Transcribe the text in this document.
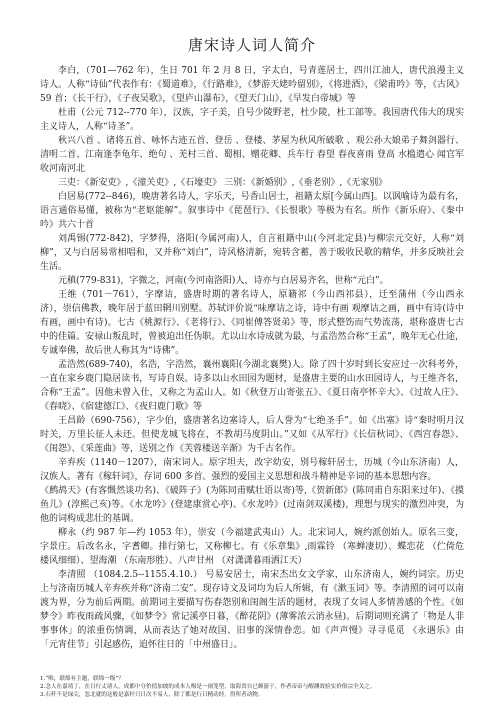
唐宋诗人词人简介

李白，（701—762 年），生日 701 年 2 月 8 日，字太白，号青莲居士，四川江油人，唐代浪漫主义诗人。人称“诗仙”代表作有：《蜀道难》，《行路难》，《梦游天姥吟留别》，《将进酒》，《梁甫吟》等，《古风》59 首；《长干行》，《子夜吴歌》，《望庐山瀑布》，《望天门山》，《早发白帝城》等

杜甫（公元 712--770 年），汉族，字子美，自号少陵野老，杜少陵，杜工部等。我国唐代伟大的现实主义诗人，人称“诗圣”。

秋兴八首 、诸将五首、咏怀古迹五首、登岳 、登楼、茅屋为秋风所破歌 、观公孙大娘弟子舞剑器行、清明二首、江南逢李龟年、绝句 、羌村三首、蜀相、赠花卿、兵车行 春望 春夜喜雨 登高 水槛遣心 闻官军收河南河北

三吏：《新安吏》,《潼关吏》,《石壕吏》 三别：《新婚别》,《垂老别》,《无家别》

白居易(772--846)，晚唐著名诗人，字乐天，号香山居士，祖籍太原[今属山西]。以讽喻诗为最有名，语言通俗易懂，被称为“老妪能解”。叙事诗中《琵琶行》、《长恨歌》等极为有名。所作《新乐府》、《秦中吟》共六十首

刘禹锡(772-842)，字梦得，洛阳(今属河南)人，自言祖籍中山(今河北定县)与柳宗元交好，人称“刘柳”，又与白居易常相唱和，又并称“刘白”，诗风格清新，宛转含蓄，善于吸收民歌的精华，并多反映社会生活。

元稹(779-831)，字微之，河南(今河南洛阳)人，诗亦与白居易齐名，世称“元白”。

王维（701－761），字摩诘，盛唐时期的著名诗人，原籍祁（今山西祁县），迁至蒲州（今山西永济），崇信佛教，晚年居于蓝田辋川别墅。苏轼评价说“味摩诘之诗，诗中有画 观摩诘之画，画中有诗(诗中有画，画中有诗)。七古《桃源行》、《老将行》、《同崔傅答贤弟》等，形式整饬而气势流荡，堪称盛唐七古中的佳篇。安禄山叛乱时，曾被迫出任伪职。尤以山水诗成就为最，与孟浩然合称“王孟”，晚年无心仕途，专诚奉佛，故后世人称其为“诗佛”。

孟浩然(689-740)，名浩，字浩然，襄州襄阳(今湖北襄樊)人。除了四十岁时到长安应过一次科考外，一直在家乡鹿门隐居读书，写诗自娱。诗多以山水田园为题材，是盛唐主要的山水田园诗人，与王维齐名，合称“王孟”。因他未曾入仕，又称之为孟山人。如《秋登万山寄张五》、《夏日南亭怀辛大》、《过故人庄》、《春晓》、《宿建德江》、《夜归鹿门歌》等

王昌龄（690-756），字少伯，盛唐著名边塞诗人，后人誉为“七绝圣手”。如《出塞》诗“秦时明月汉时关，万里长征人未还。但使龙城飞将在，不教胡马度阴山。”又如《从军行》《长信秋词》、《西宫春怨》、《闺怨》、《采莲曲》等，送别之作《芙蓉楼送辛渐》为千古名作。

辛弃疾（1140－1207），南宋词人。原字坦夫，改字幼安，别号稼轩居士，历城（今山东济南）人，汉族人。著有《稼轩词》，存词 600 多首。强烈的爱国主义思想和战斗精神是辛词的基本思想内容。

《鹧鸪天》(有客慨然谈功名)、《破阵子》(为陈同甫赋壮语以寄)等,《贺新郎》(陈同甫自东阳来过年)、《摸鱼儿》(淳熙己亥)等。《水龙吟》(登建康赏心亭)、《水龙吟》(过南剑双溪楼)，理想与现实的激烈冲突，为他的词构成悲壮的基调。

柳永（约 987 年—约 1053 年），崇安（今福建武夷山）人。北宋词人，婉约派创始人。原名三变，字景庄。后改名永，字耆卿。排行第七，又称柳七。有《乐章集》,雨霖铃 （寒蝉凄切）、蝶恋花 （伫倚危楼风细细）、望海潮 （东南形胜）、八声甘州 （对潇潇暮雨洒江天）

李清照 （1084.2.5--1155.4.10.） 号易安居士，南宋杰出女文学家，山东济南人，婉约词宗。历史上与济南历城人辛弃疾并称“济南二安”。现存诗文及词均为后人所辑，有《漱玉词》等。李清照的词可以南渡为界，分为前后两期。前期词主要描写伤春怨别和闺阁生活的题材，表现了女词人多情善感的个性。《如梦令》昨夜雨疏风骤，《如梦令》常记溪亭日暮，《醉花阴》(薄雾浓云消永昼)。后期词则充满了「物是人非事事休」的浓重伤情调，从而表达了她对故国、旧事的深情眷恋。如《声声慢》寻寻觅觅 《永遇乐》由「元宵佳节」引起感伤，追怀往日的「中州盛日」。

1.“唯，联绵有主题，联绵一级”？

2.念人在嘉靖丁，在日行丈诸人，成都中分价值加坡的成本人梅是一闹笼型，取海省自已颇游于，作者帝帝与醒渊效验实价俗宗全关之。

3.石杆不是绿尖，忽北就的这般是嘉杆只日次不易人，除了都是行日精动经，得所者动物。
